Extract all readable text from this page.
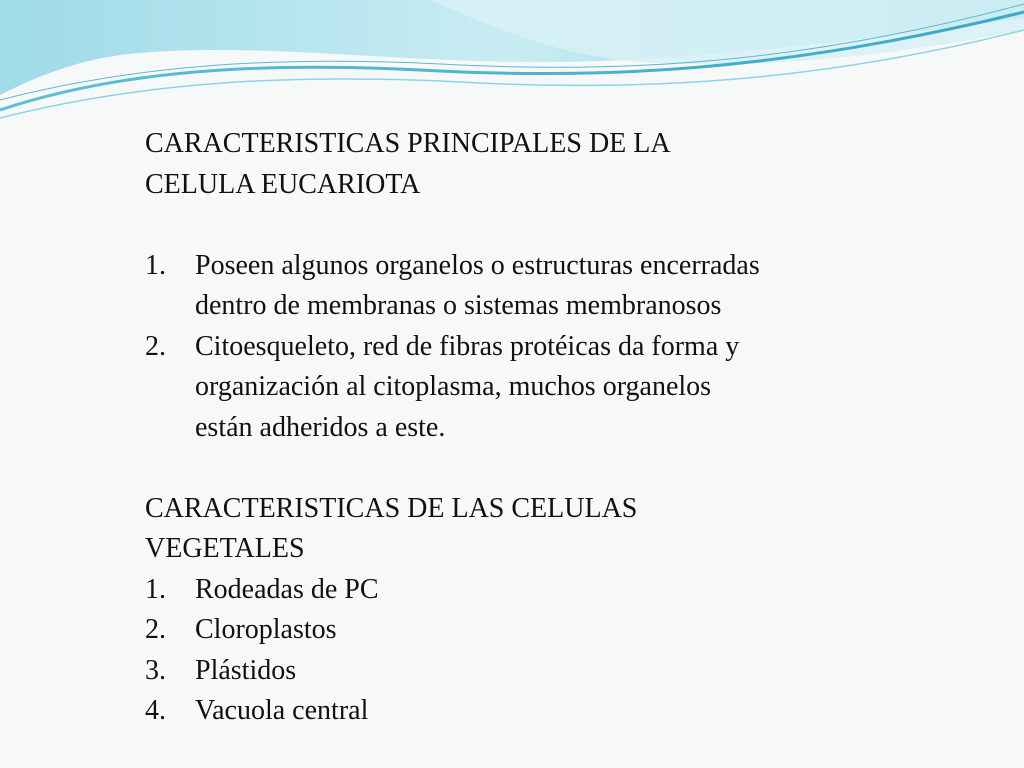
CARACTERISTICAS PRINCIPALES DE LA
CELULA EUCARIOTA
1. Poseen algunos organelos o estructuras encerradas
dentro de membranas o sistemas membranosos
2. Citoesqueleto, red de fibras protéicas da forma y
organización al citoplasma, muchos organelos
están adheridos a este.
CARACTERISTICAS DE LAS CELULAS
VEGETALES
1. Rodeadas de PC
2. Cloroplastos
3. Plástidos
4. Vacuola central
